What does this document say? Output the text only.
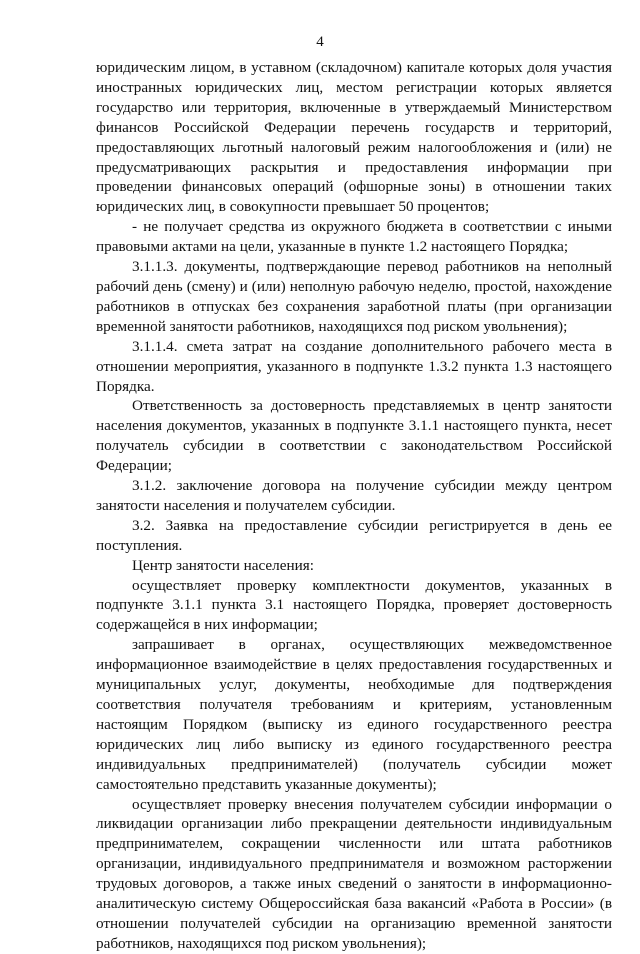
4

юридическим лицом, в уставном (складочном) капитале которых доля участия иностранных юридических лиц, местом регистрации которых является государство или территория, включенные в утверждаемый Министерством финансов Российской Федерации перечень государств и территорий, предоставляющих льготный налоговый режим налогообложения и (или) не предусматривающих раскрытия и предоставления информации при проведении финансовых операций (офшорные зоны) в отношении таких юридических лиц, в совокупности превышает 50 процентов;

- не получает средства из окружного бюджета в соответствии с иными правовыми актами на цели, указанные в пункте 1.2 настоящего Порядка;

3.1.1.3. документы, подтверждающие перевод работников на неполный рабочий день (смену) и (или) неполную рабочую неделю, простой, нахождение работников в отпусках без сохранения заработной платы (при организации временной занятости работников, находящихся под риском увольнения);

3.1.1.4. смета затрат на создание дополнительного рабочего места в отношении мероприятия, указанного в подпункте 1.3.2 пункта 1.3 настоящего Порядка.

Ответственность за достоверность представляемых в центр занятости населения документов, указанных в подпункте 3.1.1 настоящего пункта, несет получатель субсидии в соответствии с законодательством Российской Федерации;

3.1.2. заключение договора на получение субсидии между центром занятости населения и получателем субсидии.

3.2. Заявка на предоставление субсидии регистрируется в день ее поступления.

Центр занятости населения:

осуществляет проверку комплектности документов, указанных в подпункте 3.1.1 пункта 3.1 настоящего Порядка, проверяет достоверность содержащейся в них информации;

запрашивает в органах, осуществляющих межведомственное информационное взаимодействие в целях предоставления государственных и муниципальных услуг, документы, необходимые для подтверждения соответствия получателя требованиям и критериям, установленным настоящим Порядком (выписку из единого государственного реестра юридических лиц либо выписку из единого государственного реестра индивидуальных предпринимателей) (получатель субсидии может самостоятельно представить указанные документы);

осуществляет проверку внесения получателем субсидии информации о ликвидации организации либо прекращении деятельности индивидуальным предпринимателем, сокращении численности или штата работников организации, индивидуального предпринимателя и возможном расторжении трудовых договоров, а также иных сведений о занятости в информационно-аналитическую систему Общероссийская база вакансий «Работа в России» (в отношении получателей субсидии на организацию временной занятости работников, находящихся под риском увольнения);
